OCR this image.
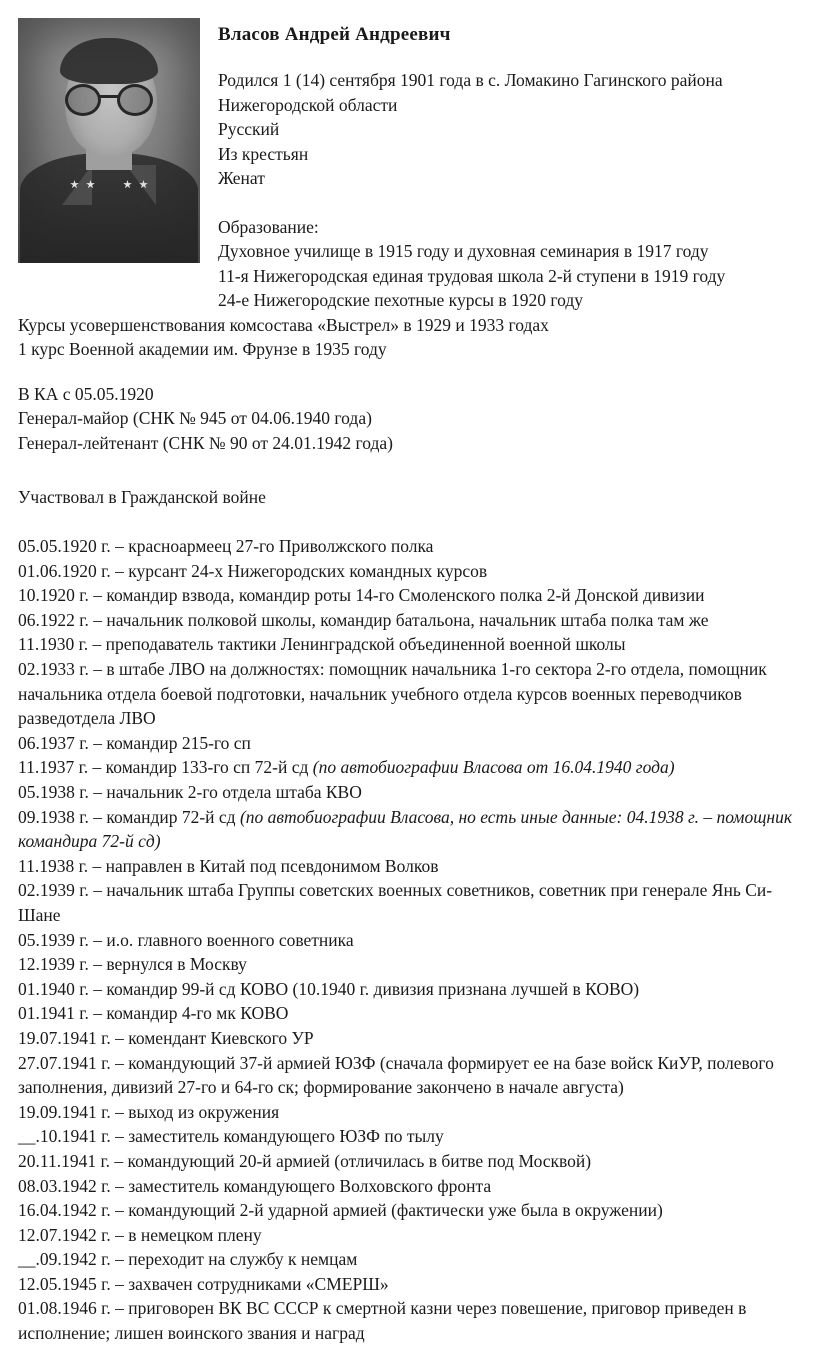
Власов Андрей Андреевич

Родился 1 (14) сентября 1901 года в с. Ломакино Гагинского района

Нижегородской области

Русский

Из крестьян

Женат

Образование:

Духовное училище в 1915 году и духовная семинария в 1917 году

11-я Нижегородская единая трудовая школа 2-й ступени в 1919 году

24-е Нижегородские пехотные курсы в 1920 году

Курсы усовершенствования комсостава «Выстрел» в 1929 и 1933 годах

1 курс Военной академии им. Фрунзе в 1935 году

В КА с 05.05.1920

Генерал-майор (СНК № 945 от 04.06.1940 года)

Генерал-лейтенант (СНК № 90 от 24.01.1942 года)

Участвовал в Гражданской войне

05.05.1920 г. – красноармеец 27-го Приволжского полка

01.06.1920 г. – курсант 24-х Нижегородских командных курсов

10.1920 г. – командир взвода, командир роты 14-го Смоленского полка 2-й Донской дивизии

06.1922 г. – начальник полковой школы, командир батальона, начальник штаба полка там же

11.1930 г. – преподаватель тактики Ленинградской объединенной военной школы

02.1933 г. – в штабе ЛВО на должностях: помощник начальника 1-го сектора 2-го отдела, помощник начальника отдела боевой подготовки, начальник учебного отдела курсов военных переводчиков разведотдела ЛВО

06.1937 г. – командир 215-го сп

11.1937 г. – командир 133-го сп 72-й сд (по автобиографии Власова от 16.04.1940 года)

05.1938 г. – начальник 2-го отдела штаба КВО

09.1938 г. – командир 72-й сд (по автобиографии Власова, но есть иные данные: 04.1938 г. – помощник командира 72-й сд)

11.1938 г. – направлен в Китай под псевдонимом Волков

02.1939 г. – начальник штаба Группы советских военных советников, советник при генерале Янь Си-Шане

05.1939 г. – и.о. главного военного советника

12.1939 г. – вернулся в Москву

01.1940 г. – командир 99-й сд КОВО (10.1940 г. дивизия признана лучшей в КОВО)

01.1941 г. – командир 4-го мк КОВО

19.07.1941 г. – комендант Киевского УР

27.07.1941 г. – командующий 37-й армией ЮЗФ (сначала формирует ее на базе войск КиУР, полевого заполнения, дивизий 27-го и 64-го ск; формирование закончено в начале августа)

19.09.1941 г. – выход из окружения

__.10.1941 г. – заместитель командующего ЮЗФ по тылу

20.11.1941 г. – командующий 20-й армией (отличилась в битве под Москвой)

08.03.1942 г. – заместитель командующего Волховского фронта

16.04.1942 г. – командующий 2-й ударной армией (фактически уже была в окружении)

12.07.1942 г. – в немецком плену

__.09.1942 г. – переходит на службу к немцам

12.05.1945 г. – захвачен сотрудниками «СМЕРШ»

01.08.1946 г. – приговорен ВК ВС СССР к смертной казни через повешение, приговор приведен в исполнение; лишен воинского звания и наград
